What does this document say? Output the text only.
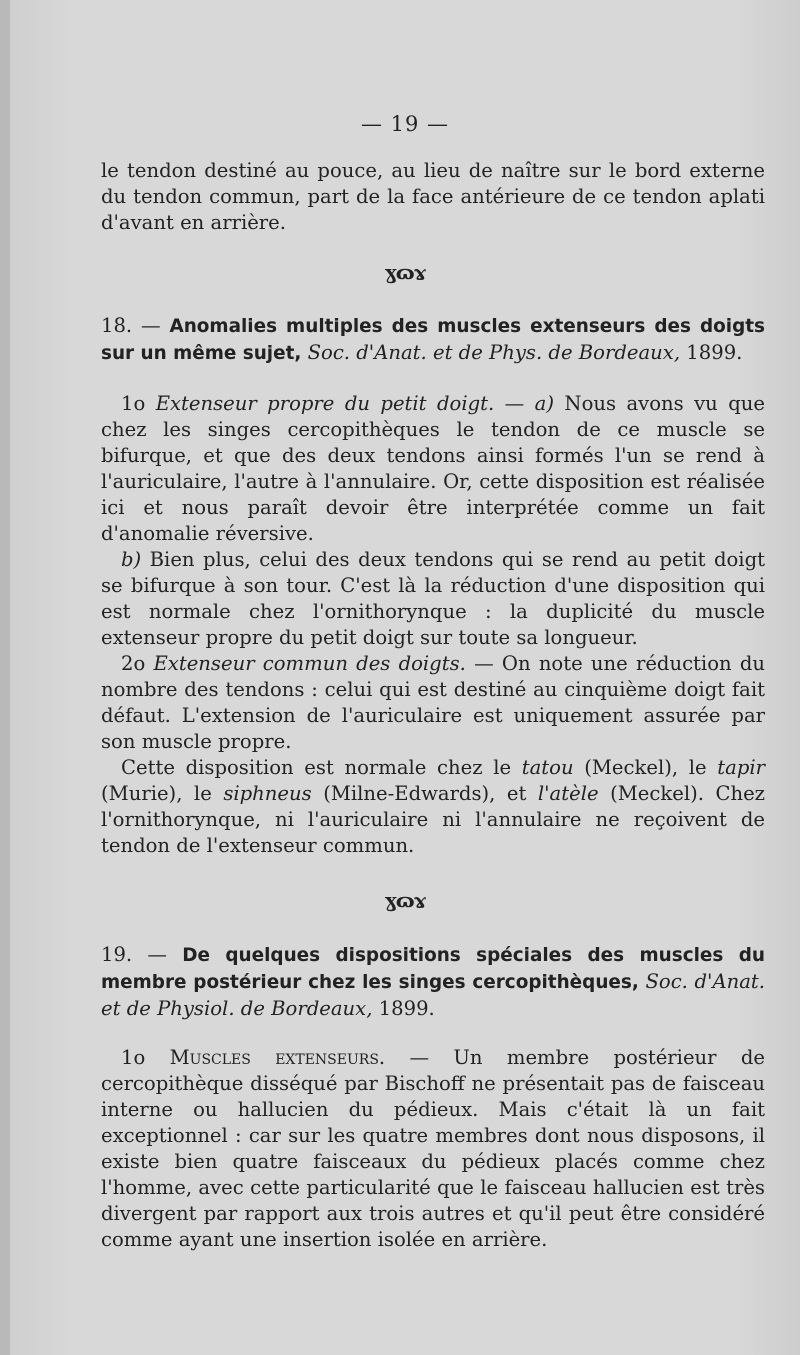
— 19 —

le tendon destiné au pouce, au lieu de naître sur le bord externe du tendon commun, part de la face antérieure de ce tendon aplati d'avant en arrière.

ɣɷɤ

18. — Anomalies multiples des muscles extenseurs des doigts sur un même sujet, Soc. d'Anat. et de Phys. de Bordeaux, 1899.

1o Extenseur propre du petit doigt. — a) Nous avons vu que chez les singes cercopithèques le tendon de ce muscle se bifurque, et que des deux tendons ainsi formés l'un se rend à l'auriculaire, l'autre à l'annulaire. Or, cette disposition est réalisée ici et nous paraît devoir être interprétée comme un fait d'anomalie réversive.

b) Bien plus, celui des deux tendons qui se rend au petit doigt se bifurque à son tour. C'est là la réduction d'une disposition qui est normale chez l'ornithorynque : la duplicité du muscle extenseur propre du petit doigt sur toute sa longueur.

2o Extenseur commun des doigts. — On note une réduction du nombre des tendons : celui qui est destiné au cinquième doigt fait défaut. L'extension de l'auriculaire est uniquement assurée par son muscle propre.

Cette disposition est normale chez le tatou (Meckel), le tapir (Murie), le siphneus (Milne-Edwards), et l'atèle (Meckel). Chez l'ornithorynque, ni l'auriculaire ni l'annulaire ne reçoivent de tendon de l'extenseur commun.

ɣɷɤ

19. — De quelques dispositions spéciales des muscles du membre postérieur chez les singes cercopithèques, Soc. d'Anat. et de Physiol. de Bordeaux, 1899.

1o Muscles extenseurs. — Un membre postérieur de cercopithèque disséqué par Bischoff ne présentait pas de faisceau interne ou hallucien du pédieux. Mais c'était là un fait exceptionnel : car sur les quatre membres dont nous disposons, il existe bien quatre faisceaux du pédieux placés comme chez l'homme, avec cette particularité que le faisceau hallucien est très divergent par rapport aux trois autres et qu'il peut être considéré comme ayant une insertion isolée en arrière.
